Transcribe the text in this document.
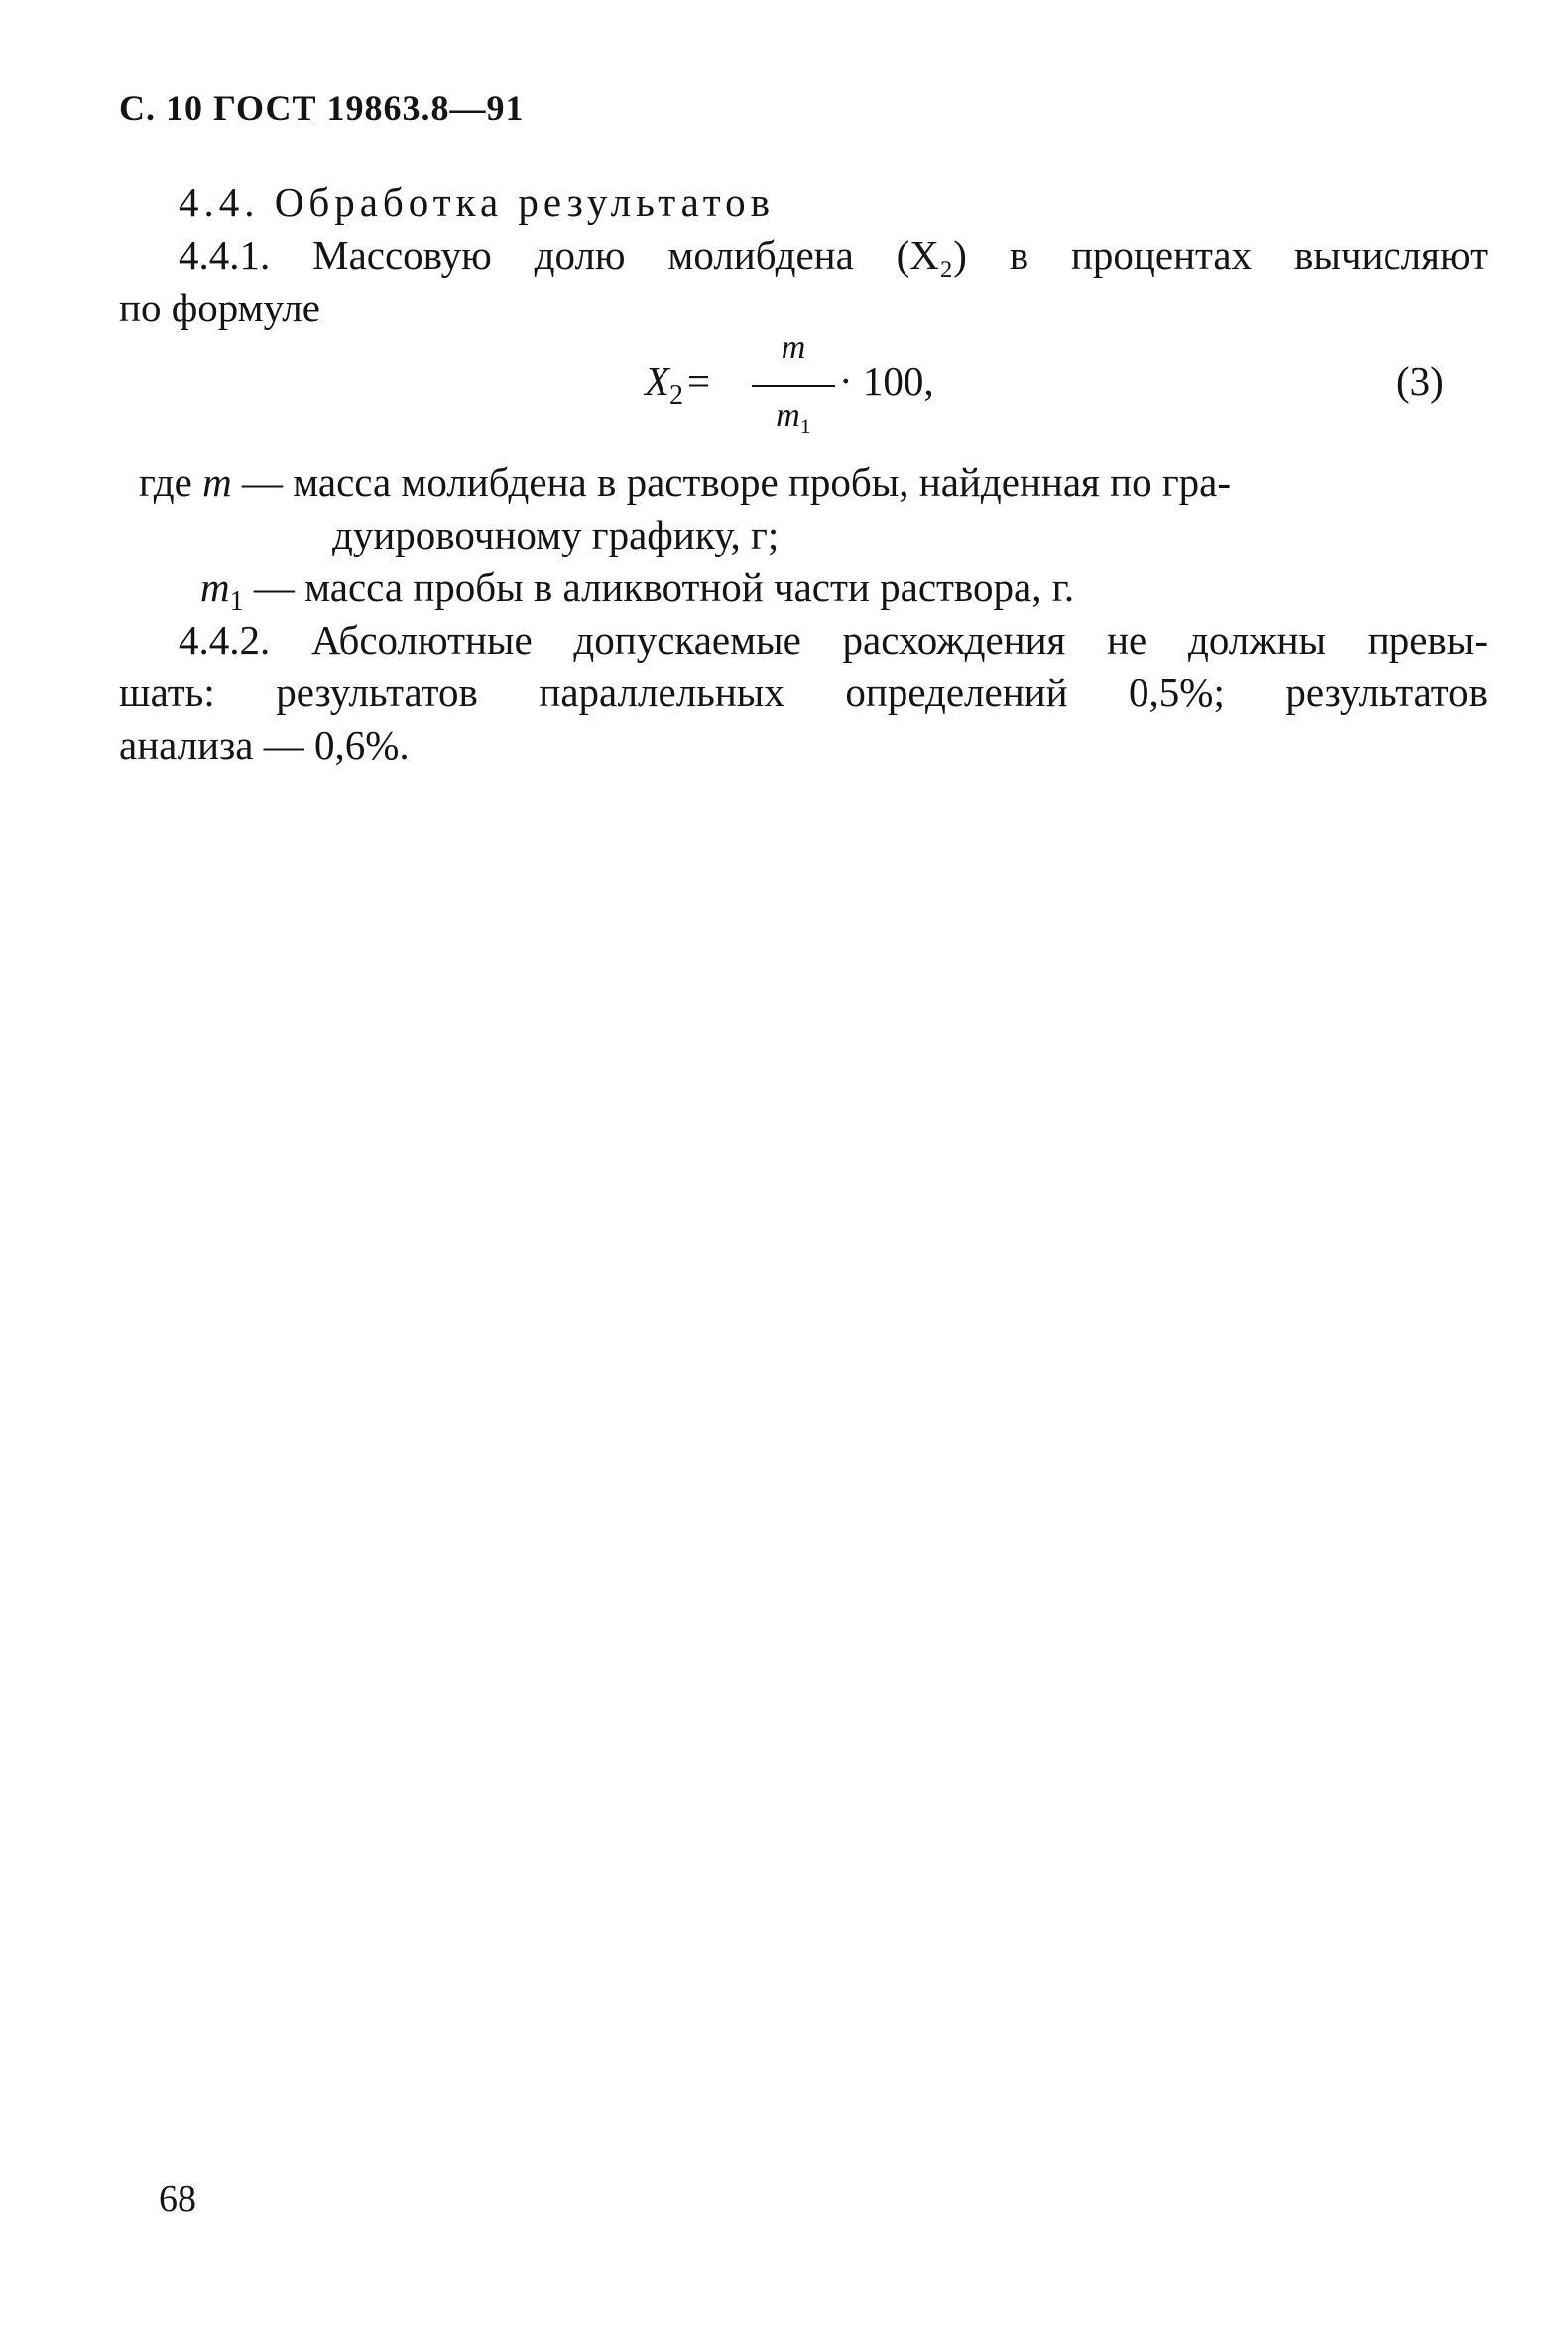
С. 10 ГОСТ 19863.8—91
4.4. Обработка результатов
4.4.1. Массовую долю молибдена (X₂) в процентах вычисляют
по формуле
$X_2=$
m
$m_1$
· 100,	(3)
где m — масса молибдена в растворе пробы, найденная по гра-
дуировочному графику, г;
$m_1$ — масса пробы в аликвотной части раствора, г.
4.4.2. Абсолютные допускаемые расхождения не должны превы-
шать: результатов параллельных определений 0,5%; результатов
анализа — 0,6%.
68
